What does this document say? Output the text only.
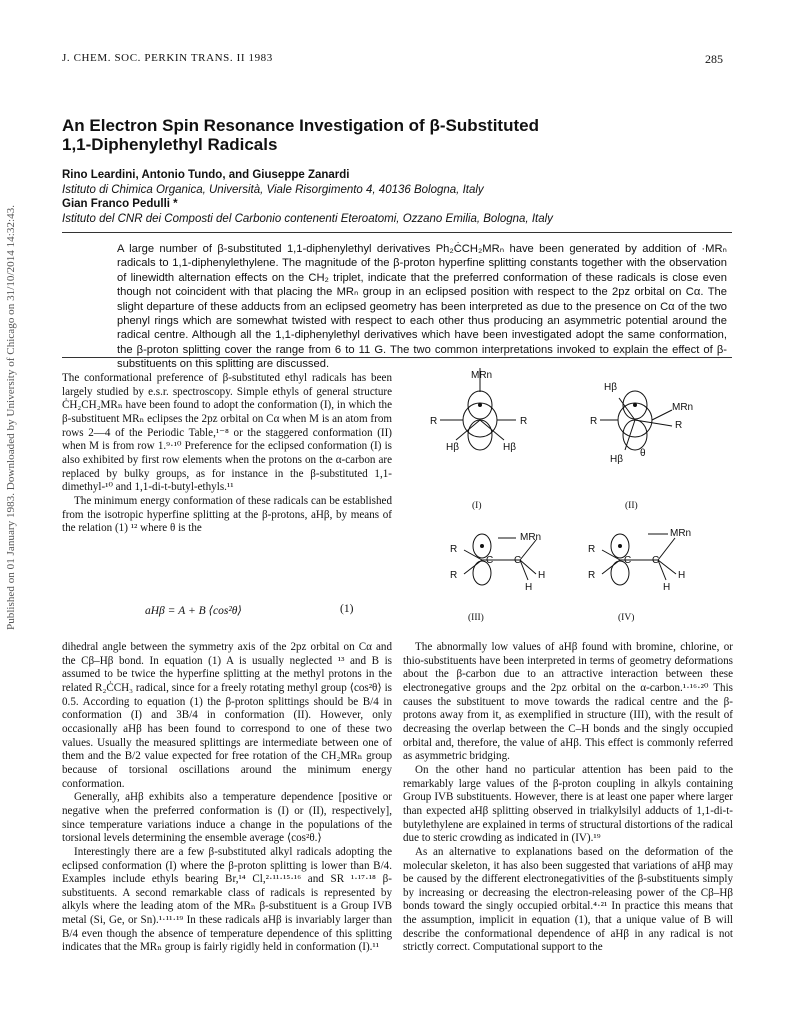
J. CHEM. SOC. PERKIN TRANS. II 1983	285
Published on 01 January 1983. Downloaded by University of Chicago on 31/10/2014 14:32:43.
An Electron Spin Resonance Investigation of β-Substituted
1,1-Diphenylethyl Radicals
Rino Leardini, Antonio Tundo, and Giuseppe Zanardi
Istituto di Chimica Organica, Università, Viale Risorgimento 4, 40136 Bologna, Italy
Gian Franco Pedulli *
Istituto del CNR dei Composti del Carbonio contenenti Eteroatomi, Ozzano Emilia, Bologna, Italy
A large number of β-substituted 1,1-diphenylethyl derivatives Ph₂ĊCH₂MRₙ have been generated by addition of ·MRₙ radicals to 1,1-diphenylethylene. The magnitude of the β-proton hyperfine splitting constants together with the observation of linewidth alternation effects on the CH₂ triplet, indicate that the preferred conformation of these radicals is close even though not coincident with that placing the MRₙ group in an eclipsed position with respect to the 2pz orbital on Cα. The slight departure of these adducts from an eclipsed geometry has been interpreted as due to the presence on Cα of the two phenyl rings which are somewhat twisted with respect to each other thus producing an asymmetric potential around the radical centre. Although all the 1,1-diphenylethyl derivatives which have been investigated adopt the same conformation, the β-proton splitting cover the range from 6 to 11 G. The two common interpretations invoked to explain the effect of β-substituents on this splitting are discussed.

The conformational preference of β-substituted ethyl radicals has been largely studied by e.s.r. spectroscopy. Simple ethyls of general structure ĊH₂CH₂MRₙ have been found to adopt the conformation (I), in which the β-substituent MRₙ eclipses the 2pz orbital on Cα when M is an atom from rows 2—4 of the Periodic Table,¹⁻⁸ or the staggered conformation (II) when M is from row 1.⁹·¹⁰ Preference for the eclipsed conformation (I) is also exhibited by first row elements when the protons on the α-carbon are replaced by bulky groups, as for instance in the β-substituted 1,1-dimethyl-¹⁰ and 1,1-di-t-butyl-ethyls.¹¹

The minimum energy conformation of these radicals can be established from the isotropic hyperfine splitting at the β-protons, aHβ, by means of the relation (1) ¹² where θ is the

aHβ = A + B ⟨cos²θ⟩	(1)
MRn
R	R
Hβ	Hβ
(I)
Hβ
MRn
R	R
Hβ
θ
(II)
MRn
R
R
C C
H
H
(III)
MRn
R
R
C C
H
H
(IV)

dihedral angle between the symmetry axis of the 2pz orbital on Cα and the Cβ–Hβ bond. In equation (1) A is usually neglected ¹³ and B is assumed to be twice the hyperfine splitting at the methyl protons in the related R₂ĊCH₃ radical, since for a freely rotating methyl group ⟨cos²θ⟩ is 0.5. According to equation (1) the β-proton splittings should be B/4 in conformation (I) and 3B/4 in conformation (II). However, only occasionally aHβ has been found to correspond to one of these two values. Usually the measured splittings are intermediate between one of them and the B/2 value expected for free rotation of the CH₂MRₙ group because of torsional oscillations around the minimum energy conformation.

Generally, aHβ exhibits also a temperature dependence [positive or negative when the preferred conformation is (I) or (II), respectively], since temperature variations induce a change in the populations of the torsional levels determining the ensemble average ⟨cos²θ.⟩

Interestingly there are a few β-substituted alkyl radicals adopting the eclipsed conformation (I) where the β-proton splitting is lower than B/4. Examples include ethyls bearing Br,¹⁴ Cl,²·¹¹·¹⁵·¹⁶ and SR ¹·¹⁷·¹⁸ β-substituents. A second remarkable class of radicals is represented by alkyls where the leading atom of the MRₙ β-substituent is a Group IVB metal (Si, Ge, or Sn).¹·¹¹·¹⁹ In these radicals aHβ is invariably larger than B/4 even though the absence of temperature dependence of this splitting indicates that the MRₙ group is fairly rigidly held in conformation (I).¹¹

The abnormally low values of aHβ found with bromine, chlorine, or thio-substituents have been interpreted in terms of geometry deformations about the β-carbon due to an attractive interaction between these electronegative groups and the 2pz orbital on the α-carbon.¹·¹⁶·²⁰ This causes the substituent to move towards the radical centre and the β-protons away from it, as exemplified in structure (III), with the result of decreasing the overlap between the C–H bonds and the singly occupied orbital and, therefore, the value of aHβ. This effect is commonly referred as asymmetric bridging.

On the other hand no particular attention has been paid to the remarkably large values of the β-proton coupling in alkyls containing Group IVB substituents. However, there is at least one paper where larger than expected aHβ splitting observed in trialkylsilyl adducts of 1,1-di-t-butylethylene are explained in terms of structural distortions of the radical due to steric crowding as indicated in (IV).¹⁹

As an alternative to explanations based on the deformation of the molecular skeleton, it has also been suggested that variations of aHβ may be caused by the different electronegativities of the β-substituents simply by increasing or decreasing the electron-releasing power of the Cβ–Hβ bonds toward the singly occupied orbital.⁴·²¹ In practice this means that the assumption, implicit in equation (1), that a unique value of B will describe the conformational dependence of aHβ in any radical is not strictly correct. Computational support to the
